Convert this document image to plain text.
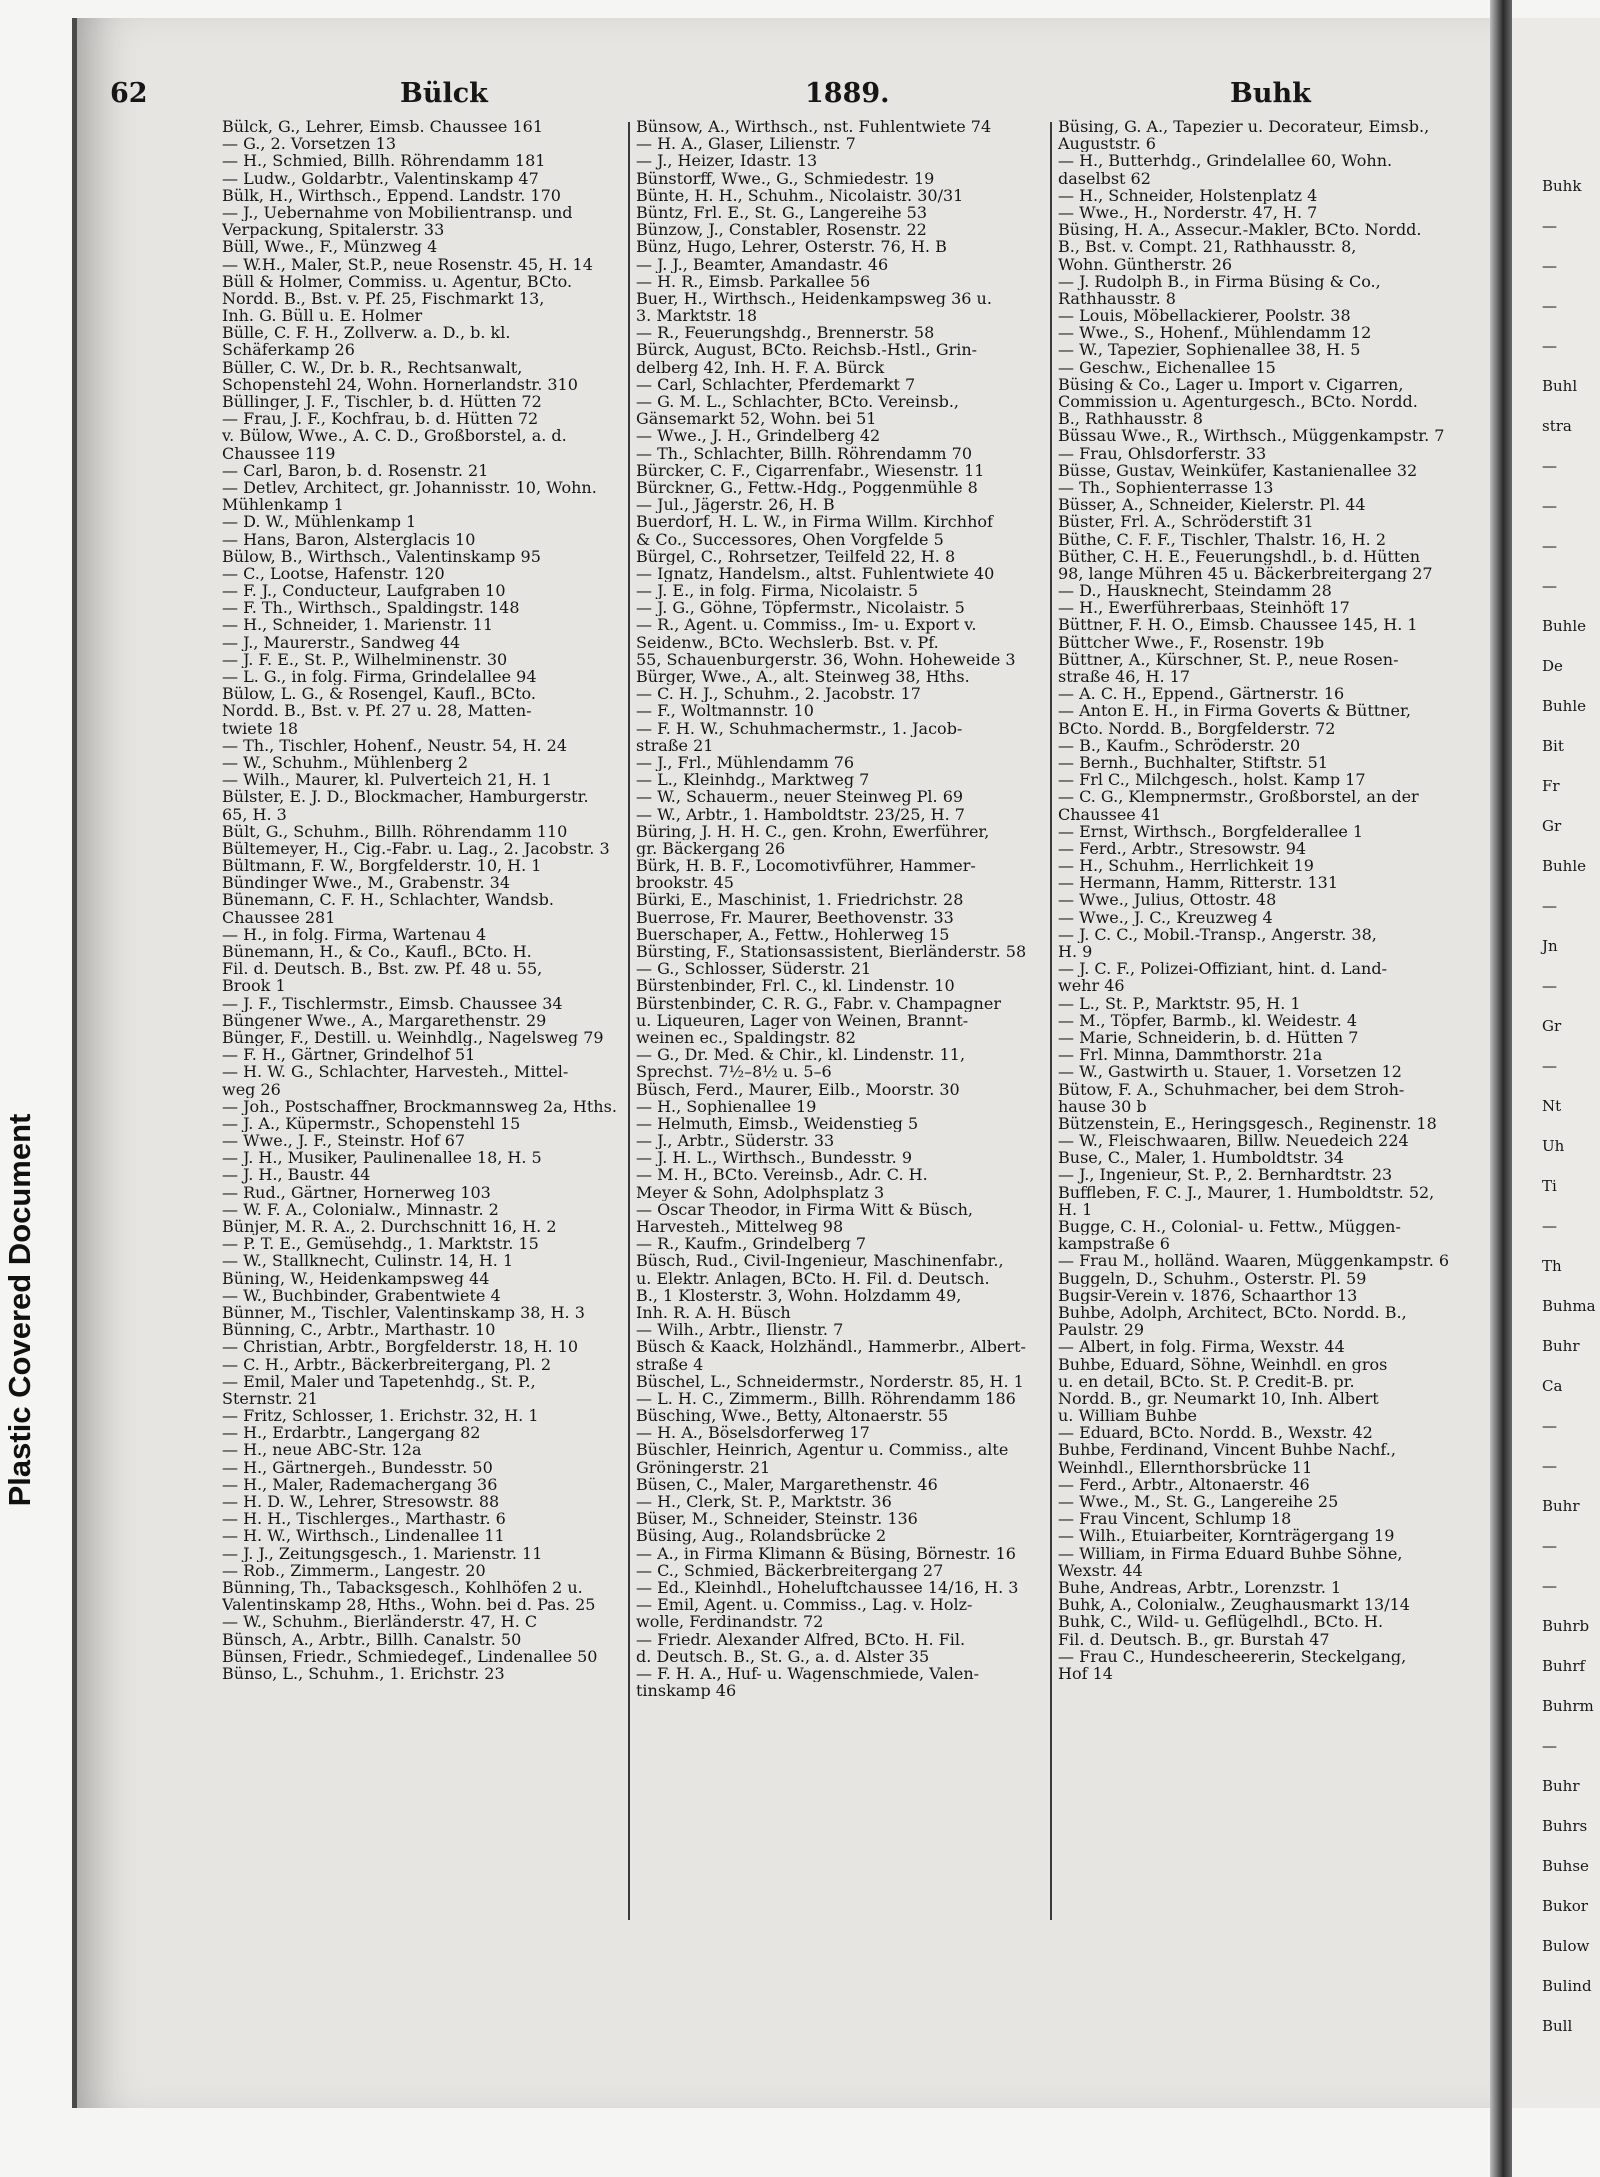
Plastic Covered Document
62	Bülck	1889.	Buhk
Bülck, G., Lehrer, Eimsb. Chaussee 161
— G., 2. Vorsetzen 13
— H., Schmied, Billh. Röhrendamm 181
— Ludw., Goldarbtr., Valentinskamp 47
Bülk, H., Wirthsch., Eppend. Landstr. 170
— J., Uebernahme von Mobilientransp. und
Verpackung, Spitalerstr. 33
Büll, Wwe., F., Münzweg 4
— W.H., Maler, St.P., neue Rosenstr. 45, H. 14
Büll & Holmer, Commiss. u. Agentur, BCto.
Nordd. B., Bst. v. Pf. 25, Fischmarkt 13,
Inh. G. Büll u. E. Holmer
Bülle, C. F. H., Zollverw. a. D., b. kl.
Schäferkamp 26
Büller, C. W., Dr. b. R., Rechtsanwalt,
Schopenstehl 24, Wohn. Hornerlandstr. 310
Büllinger, J. F., Tischler, b. d. Hütten 72
— Frau, J. F., Kochfrau, b. d. Hütten 72
v. Bülow, Wwe., A. C. D., Großborstel, a. d.
Chaussee 119
— Carl, Baron, b. d. Rosenstr. 21
— Detlev, Architect, gr. Johannisstr. 10, Wohn.
Mühlenkamp 1
— D. W., Mühlenkamp 1
— Hans, Baron, Alsterglacis 10
Bülow, B., Wirthsch., Valentinskamp 95
— C., Lootse, Hafenstr. 120
— F. J., Conducteur, Laufgraben 10
— F. Th., Wirthsch., Spaldingstr. 148
— H., Schneider, 1. Marienstr. 11
— J., Maurerstr., Sandweg 44
— J. F. E., St. P., Wilhelminenstr. 30
— L. G., in folg. Firma, Grindelallee 94
Bülow, L. G., & Rosengel, Kaufl., BCto.
Nordd. B., Bst. v. Pf. 27 u. 28, Matten-
twiete 18
— Th., Tischler, Hohenf., Neustr. 54, H. 24
— W., Schuhm., Mühlenberg 2
— Wilh., Maurer, kl. Pulverteich 21, H. 1
Bülster, E. J. D., Blockmacher, Hamburgerstr.
65, H. 3
Bült, G., Schuhm., Billh. Röhrendamm 110
Bültemeyer, H., Cig.-Fabr. u. Lag., 2. Jacobstr. 3
Bültmann, F. W., Borgfelderstr. 10, H. 1
Bündinger Wwe., M., Grabenstr. 34
Bünemann, C. F. H., Schlachter, Wandsb.
Chaussee 281
— H., in folg. Firma, Wartenau 4
Bünemann, H., & Co., Kaufl., BCto. H.
Fil. d. Deutsch. B., Bst. zw. Pf. 48 u. 55,
Brook 1
— J. F., Tischlermstr., Eimsb. Chaussee 34
Büngener Wwe., A., Margarethenstr. 29
Bünger, F., Destill. u. Weinhdlg., Nagelsweg 79
— F. H., Gärtner, Grindelhof 51
— H. W. G., Schlachter, Harvesteh., Mittel-
weg 26
— Joh., Postschaffner, Brockmannsweg 2a, Hths.
— J. A., Küpermstr., Schopenstehl 15
— Wwe., J. F., Steinstr. Hof 67
— J. H., Musiker, Paulinenallee 18, H. 5
— J. H., Baustr. 44
— Rud., Gärtner, Hornerweg 103
— W. F. A., Colonialw., Minnastr. 2
Bünjer, M. R. A., 2. Durchschnitt 16, H. 2
— P. T. E., Gemüsehdg., 1. Marktstr. 15
— W., Stallknecht, Culinstr. 14, H. 1
Büning, W., Heidenkampsweg 44
— W., Buchbinder, Grabentwiete 4
Bünner, M., Tischler, Valentinskamp 38, H. 3
Bünning, C., Arbtr., Marthastr. 10
— Christian, Arbtr., Borgfelderstr. 18, H. 10
— C. H., Arbtr., Bäckerbreitergang, Pl. 2
— Emil, Maler und Tapetenhdg., St. P.,
Sternstr. 21
— Fritz, Schlosser, 1. Erichstr. 32, H. 1
— H., Erdarbtr., Langergang 82
— H., neue ABC-Str. 12a
— H., Gärtnergeh., Bundesstr. 50
— H., Maler, Rademachergang 36
— H. D. W., Lehrer, Stresowstr. 88
— H. H., Tischlerges., Marthastr. 6
— H. W., Wirthsch., Lindenallee 11
— J. J., Zeitungsgesch., 1. Marienstr. 11
— Rob., Zimmerm., Langestr. 20
Bünning, Th., Tabacksgesch., Kohlhöfen 2 u.
Valentinskamp 28, Hths., Wohn. bei d. Pas. 25
— W., Schuhm., Bierländerstr. 47, H. C
Bünsch, A., Arbtr., Billh. Canalstr. 50
Bünsen, Friedr., Schmiedegef., Lindenallee 50
Bünso, L., Schuhm., 1. Erichstr. 23
Bünsow, A., Wirthsch., nst. Fuhlentwiete 74
— H. A., Glaser, Lilienstr. 7
— J., Heizer, Idastr. 13
Bünstorff, Wwe., G., Schmiedestr. 19
Bünte, H. H., Schuhm., Nicolaistr. 30/31
Büntz, Frl. E., St. G., Langereihe 53
Bünzow, J., Constabler, Rosenstr. 22
Bünz, Hugo, Lehrer, Osterstr. 76, H. B
— J. J., Beamter, Amandastr. 46
— H. R., Eimsb. Parkallee 56
Buer, H., Wirthsch., Heidenkampsweg 36 u.
3. Marktstr. 18
— R., Feuerungshdg., Brennerstr. 58
Bürck, August, BCto. Reichsb.-Hstl., Grin-
delberg 42, Inh. H. F. A. Bürck
— Carl, Schlachter, Pferdemarkt 7
— G. M. L., Schlachter, BCto. Vereinsb.,
Gänsemarkt 52, Wohn. bei 51
— Wwe., J. H., Grindelberg 42
— Th., Schlachter, Billh. Röhrendamm 70
Bürcker, C. F., Cigarrenfabr., Wiesenstr. 11
Bürckner, G., Fettw.-Hdg., Poggenmühle 8
— Jul., Jägerstr. 26, H. B
Buerdorf, H. L. W., in Firma Willm. Kirchhof
& Co., Successores, Ohen Vorgfelde 5
Bürgel, C., Rohrsetzer, Teilfeld 22, H. 8
— Ignatz, Handelsm., altst. Fuhlentwiete 40
— J. E., in folg. Firma, Nicolaistr. 5
— J. G., Göhne, Töpfermstr., Nicolaistr. 5
— R., Agent. u. Commiss., Im- u. Export v.
Seidenw., BCto. Wechslerb. Bst. v. Pf.
55, Schauenburgerstr. 36, Wohn. Hoheweide 3
Bürger, Wwe., A., alt. Steinweg 38, Hths.
— C. H. J., Schuhm., 2. Jacobstr. 17
— F., Woltmannstr. 10
— F. H. W., Schuhmachermstr., 1. Jacob-
straße 21
— J., Frl., Mühlendamm 76
— L., Kleinhdg., Marktweg 7
— W., Schauerm., neuer Steinweg Pl. 69
— W., Arbtr., 1. Hamboldtstr. 23/25, H. 7
Büring, J. H. H. C., gen. Krohn, Ewerführer,
gr. Bäckergang 26
Bürk, H. B. F., Locomotivführer, Hammer-
brookstr. 45
Bürki, E., Maschinist, 1. Friedrichstr. 28
Buerrose, Fr. Maurer, Beethovenstr. 33
Buerschaper, A., Fettw., Hohlerweg 15
Bürsting, F., Stationsassistent, Bierländerstr. 58
— G., Schlosser, Süderstr. 21
Bürstenbinder, Frl. C., kl. Lindenstr. 10
Bürstenbinder, C. R. G., Fabr. v. Champagner
u. Liqueuren, Lager von Weinen, Brannt-
weinen ec., Spaldingstr. 82
— G., Dr. Med. & Chir., kl. Lindenstr. 11,
Sprechst. 7½–8½ u. 5–6
Büsch, Ferd., Maurer, Eilb., Moorstr. 30
— H., Sophienallee 19
— Helmuth, Eimsb., Weidenstieg 5
— J., Arbtr., Süderstr. 33
— J. H. L., Wirthsch., Bundesstr. 9
— M. H., BCto. Vereinsb., Adr. C. H.
Meyer & Sohn, Adolphsplatz 3
— Oscar Theodor, in Firma Witt & Büsch,
Harvesteh., Mittelweg 98
— R., Kaufm., Grindelberg 7
Büsch, Rud., Civil-Ingenieur, Maschinenfabr.,
u. Elektr. Anlagen, BCto. H. Fil. d. Deutsch.
B., 1 Klosterstr. 3, Wohn. Holzdamm 49,
Inh. R. A. H. Büsch
— Wilh., Arbtr., Ilienstr. 7
Büsch & Kaack, Holzhändl., Hammerbr., Albert-
straße 4
Büschel, L., Schneidermstr., Norderstr. 85, H. 1
— L. H. C., Zimmerm., Billh. Röhrendamm 186
Büsching, Wwe., Betty, Altonaerstr. 55
— H. A., Böselsdorferweg 17
Büschler, Heinrich, Agentur u. Commiss., alte
Gröningerstr. 21
Büsen, C., Maler, Margarethenstr. 46
— H., Clerk, St. P., Marktstr. 36
Büser, M., Schneider, Steinstr. 136
Büsing, Aug., Rolandsbrücke 2
— A., in Firma Klimann & Büsing, Börnestr. 16
— C., Schmied, Bäckerbreitergang 27
— Ed., Kleinhdl., Hoheluftchaussee 14/16, H. 3
— Emil, Agent. u. Commiss., Lag. v. Holz-
wolle, Ferdinandstr. 72
— Friedr. Alexander Alfred, BCto. H. Fil.
d. Deutsch. B., St. G., a. d. Alster 35
— F. H. A., Huf- u. Wagenschmiede, Valen-
tinskamp 46
Büsing, G. A., Tapezier u. Decorateur, Eimsb.,
Auguststr. 6
— H., Butterhdg., Grindelallee 60, Wohn.
daselbst 62
— H., Schneider, Holstenplatz 4
— Wwe., H., Norderstr. 47, H. 7
Büsing, H. A., Assecur.-Makler, BCto. Nordd.
B., Bst. v. Compt. 21, Rathhausstr. 8,
Wohn. Güntherstr. 26
— J. Rudolph B., in Firma Büsing & Co.,
Rathhausstr. 8
— Louis, Möbellackierer, Poolstr. 38
— Wwe., S., Hohenf., Mühlendamm 12
— W., Tapezier, Sophienallee 38, H. 5
— Geschw., Eichenallee 15
Büsing & Co., Lager u. Import v. Cigarren,
Commission u. Agenturgesch., BCto. Nordd.
B., Rathhausstr. 8
Büssau Wwe., R., Wirthsch., Müggenkampstr. 7
— Frau, Ohlsdorferstr. 33
Büsse, Gustav, Weinküfer, Kastanienallee 32
— Th., Sophienterrasse 13
Büsser, A., Schneider, Kielerstr. Pl. 44
Büster, Frl. A., Schröderstift 31
Büthe, C. F. F., Tischler, Thalstr. 16, H. 2
Büther, C. H. E., Feuerungshdl., b. d. Hütten
98, lange Mühren 45 u. Bäckerbreitergang 27
— D., Hausknecht, Steindamm 28
— H., Ewerführerbaas, Steinhöft 17
Büttner, F. H. O., Eimsb. Chaussee 145, H. 1
Büttcher Wwe., F., Rosenstr. 19b
Büttner, A., Kürschner, St. P., neue Rosen-
straße 46, H. 17
— A. C. H., Eppend., Gärtnerstr. 16
— Anton E. H., in Firma Goverts & Büttner,
BCto. Nordd. B., Borgfelderstr. 72
— B., Kaufm., Schröderstr. 20
— Bernh., Buchhalter, Stiftstr. 51
— Frl C., Milchgesch., holst. Kamp 17
— C. G., Klempnermstr., Großborstel, an der
Chaussee 41
— Ernst, Wirthsch., Borgfelderallee 1
— Ferd., Arbtr., Stresowstr. 94
— H., Schuhm., Herrlichkeit 19
— Hermann, Hamm, Ritterstr. 131
— Wwe., Julius, Ottostr. 48
— Wwe., J. C., Kreuzweg 4
— J. C. C., Mobil.-Transp., Angerstr. 38,
H. 9
— J. C. F., Polizei-Offiziant, hint. d. Land-
wehr 46
— L., St. P., Marktstr. 95, H. 1
— M., Töpfer, Barmb., kl. Weidestr. 4
— Marie, Schneiderin, b. d. Hütten 7
— Frl. Minna, Dammthorstr. 21a
— W., Gastwirth u. Stauer, 1. Vorsetzen 12
Bütow, F. A., Schuhmacher, bei dem Stroh-
hause 30 b
Bützenstein, E., Heringsgesch., Reginenstr. 18
— W., Fleischwaaren, Billw. Neuedeich 224
Buse, C., Maler, 1. Humboldtstr. 34
— J., Ingenieur, St. P., 2. Bernhardtstr. 23
Buffleben, F. C. J., Maurer, 1. Humboldtstr. 52,
H. 1
Bugge, C. H., Colonial- u. Fettw., Müggen-
kampstraße 6
— Frau M., holländ. Waaren, Müggenkampstr. 6
Buggeln, D., Schuhm., Osterstr. Pl. 59
Bugsir-Verein v. 1876, Schaarthor 13
Buhbe, Adolph, Architect, BCto. Nordd. B.,
Paulstr. 29
— Albert, in folg. Firma, Wexstr. 44
Buhbe, Eduard, Söhne, Weinhdl. en gros
u. en detail, BCto. St. P. Credit-B. pr.
Nordd. B., gr. Neumarkt 10, Inh. Albert
u. William Buhbe
— Eduard, BCto. Nordd. B., Wexstr. 42
Buhbe, Ferdinand, Vincent Buhbe Nachf.,
Weinhdl., Ellernthorsbrücke 11
— Ferd., Arbtr., Altonaerstr. 46
— Wwe., M., St. G., Langereihe 25
— Frau Vincent, Schlump 18
— Wilh., Etuiarbeiter, Kornträgergang 19
— William, in Firma Eduard Buhbe Söhne,
Wexstr. 44
Buhe, Andreas, Arbtr., Lorenzstr. 1
Buhk, A., Colonialw., Zeughausmarkt 13/14
Buhk, C., Wild- u. Geflügelhdl., BCto. H.
Fil. d. Deutsch. B., gr. Burstah 47
— Frau C., Hundescheererin, Steckelgang,
Hof 14
Buhk
—
—
—
—
Buhl
stra
—
—
—
—
Buhle
De
Buhle
Bit
Fr
Gr
Buhle
—
Jn
—
Gr
—
Nt
Uh
Ti
—
Th
Buhma
Buhr
Ca
—
—
Buhr
—
—
Buhrb
Buhrf
Buhrm
—
Buhr
Buhrs
Buhse
Bukor
Bulow
Bulind
Bull
